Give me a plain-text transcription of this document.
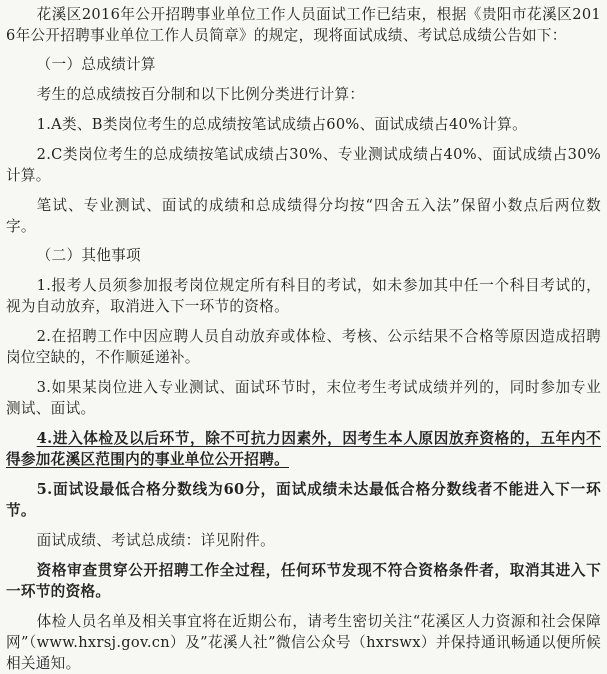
花溪区2016年公开招聘事业单位工作人员面试工作已结束，根据《贵阳市花溪区2016年公开招聘事业单位工作人员简章》的规定，现将面试成绩、考试总成绩公告如下：

（一）总成绩计算

考生的总成绩按百分制和以下比例分类进行计算：

1.A类、B类岗位考生的总成绩按笔试成绩占60%、面试成绩占40%计算。

2.C类岗位考生的总成绩按笔试成绩占30%、专业测试成绩占40%、面试成绩占30%计算。

笔试、专业测试、面试的成绩和总成绩得分均按“四舍五入法”保留小数点后两位数字。

（二）其他事项

1.报考人员须参加报考岗位规定所有科目的考试，如未参加其中任一个科目考试的，视为自动放弃，取消进入下一环节的资格。

2.在招聘工作中因应聘人员自动放弃或体检、考核、公示结果不合格等原因造成招聘岗位空缺的，不作顺延递补。

3.如果某岗位进入专业测试、面试环节时，末位考生考试成绩并列的，同时参加专业测试、面试。

4.进入体检及以后环节，除不可抗力因素外，因考生本人原因放弃资格的，五年内不得参加花溪区范围内的事业单位公开招聘。

5.面试设最低合格分数线为60分，面试成绩未达最低合格分数线者不能进入下一环节。

面试成绩、考试总成绩：详见附件。

资格审查贯穿公开招聘工作全过程，任何环节发现不符合资格条件者，取消其进入下一环节的资格。

体检人员名单及相关事宜将在近期公布，请考生密切关注“花溪区人力资源和社会保障网”（www.hxrsj.gov.cn）及”花溪人社”微信公众号（hxrswx）并保持通讯畅通以便所候相关通知。
